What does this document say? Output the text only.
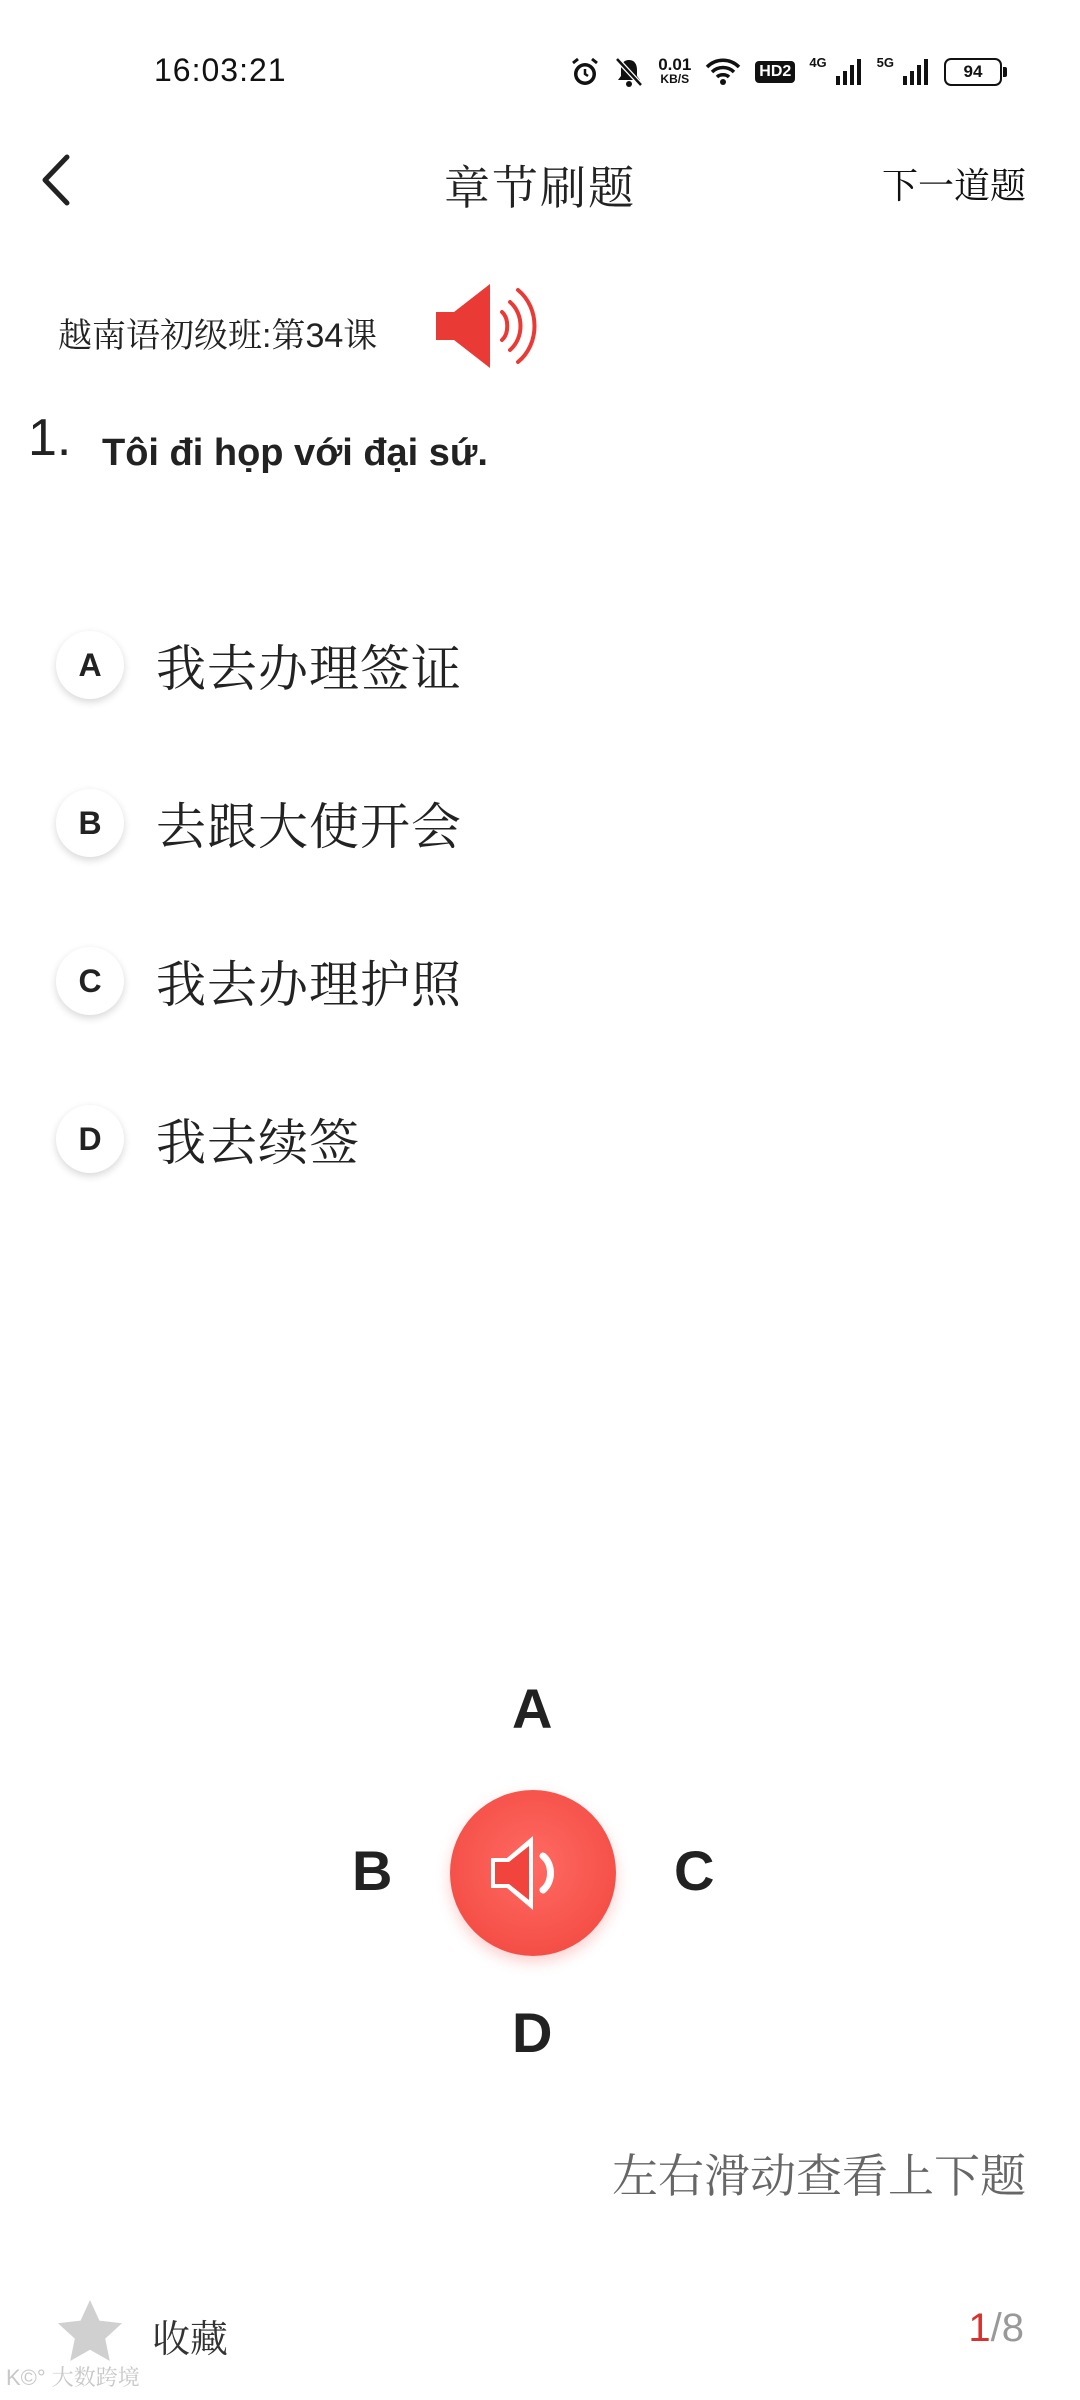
16:03:21	0.01
KB/S	HD2
4G	5G	94
章节刷题	下一道题
越南语初级班:第34课
1. Tôi đi họp với đại sứ.
A	我去办理签证
B	去跟大使开会
C	我去办理护照
D	我去续签
A
B	C
D
左右滑动查看上下题
收藏	1/8
K©° 大数跨境
